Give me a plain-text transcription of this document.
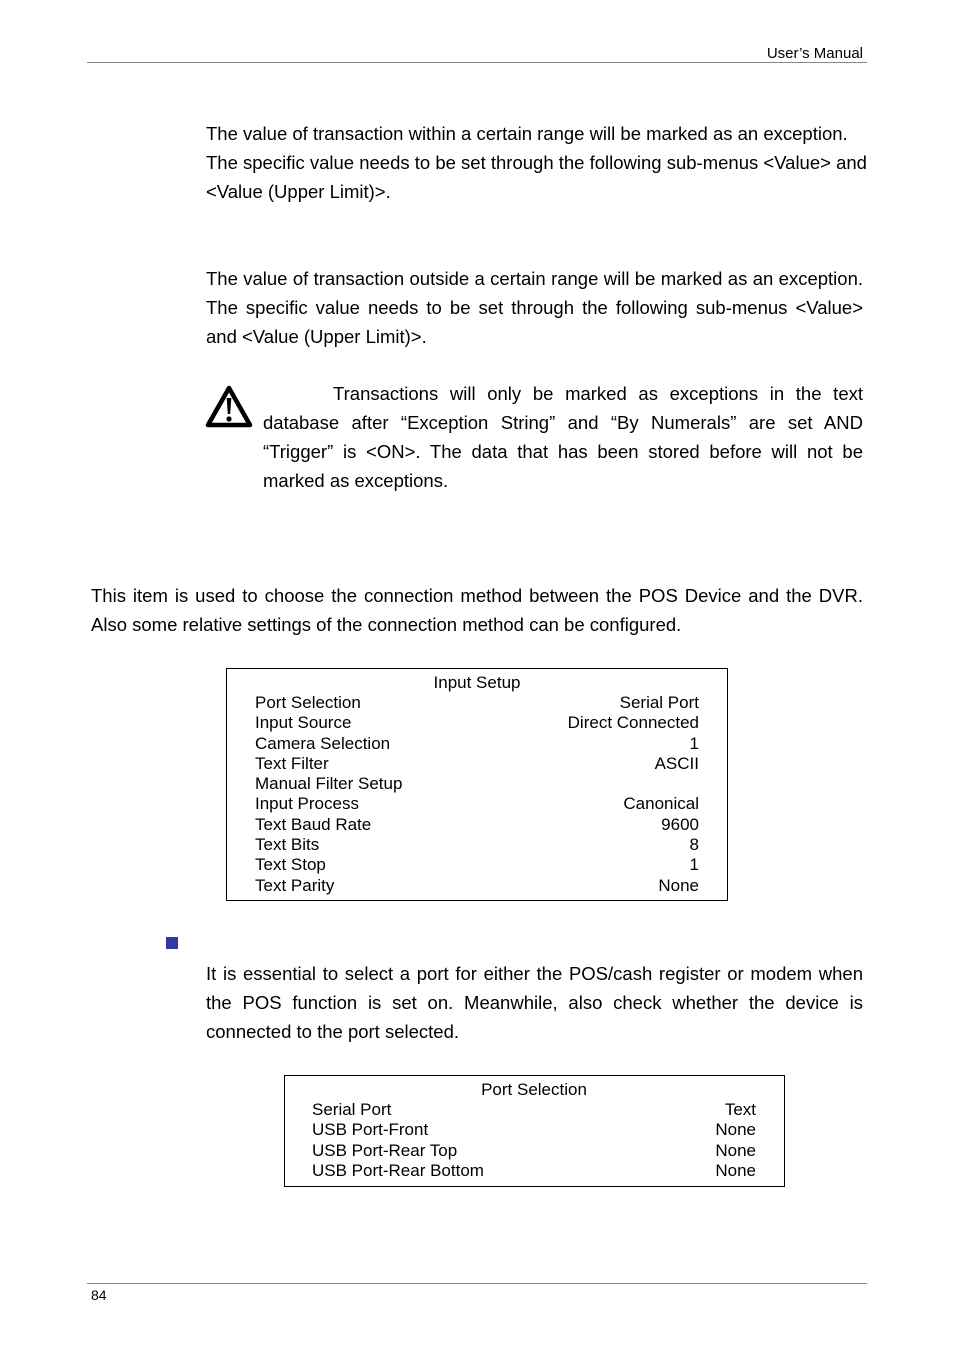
User’s Manual

The value of transaction within a certain range will be marked as an exception. The specific value needs to be set through the following sub-menus <Value> and <Value (Upper Limit)>.

The value of transaction outside a certain range will be marked as an exception. The specific value needs to be set through the following sub-menus <Value> and <Value (Upper Limit)>.

Transactions will only be marked as exceptions in the text database after “Exception String” and “By Numerals” are set AND “Trigger” is <ON>. The data that has been stored before will not be marked as exceptions.

This item is used to choose the connection method between the POS Device and the DVR. Also some relative settings of the connection method can be configured.

Input Setup
Port Selection	Serial Port
Input Source	Direct Connected
Camera Selection	1
Text Filter	ASCII
Manual Filter Setup
Input Process	Canonical
Text Baud Rate	9600
Text Bits	8
Text Stop	1
Text Parity	None

It is essential to select a port for either the POS/cash register or modem when the POS function is set on. Meanwhile, also check whether the device is connected to the port selected.

Port Selection
Serial Port	Text
USB Port-Front	None
USB Port-Rear Top	None
USB Port-Rear Bottom	None
84
